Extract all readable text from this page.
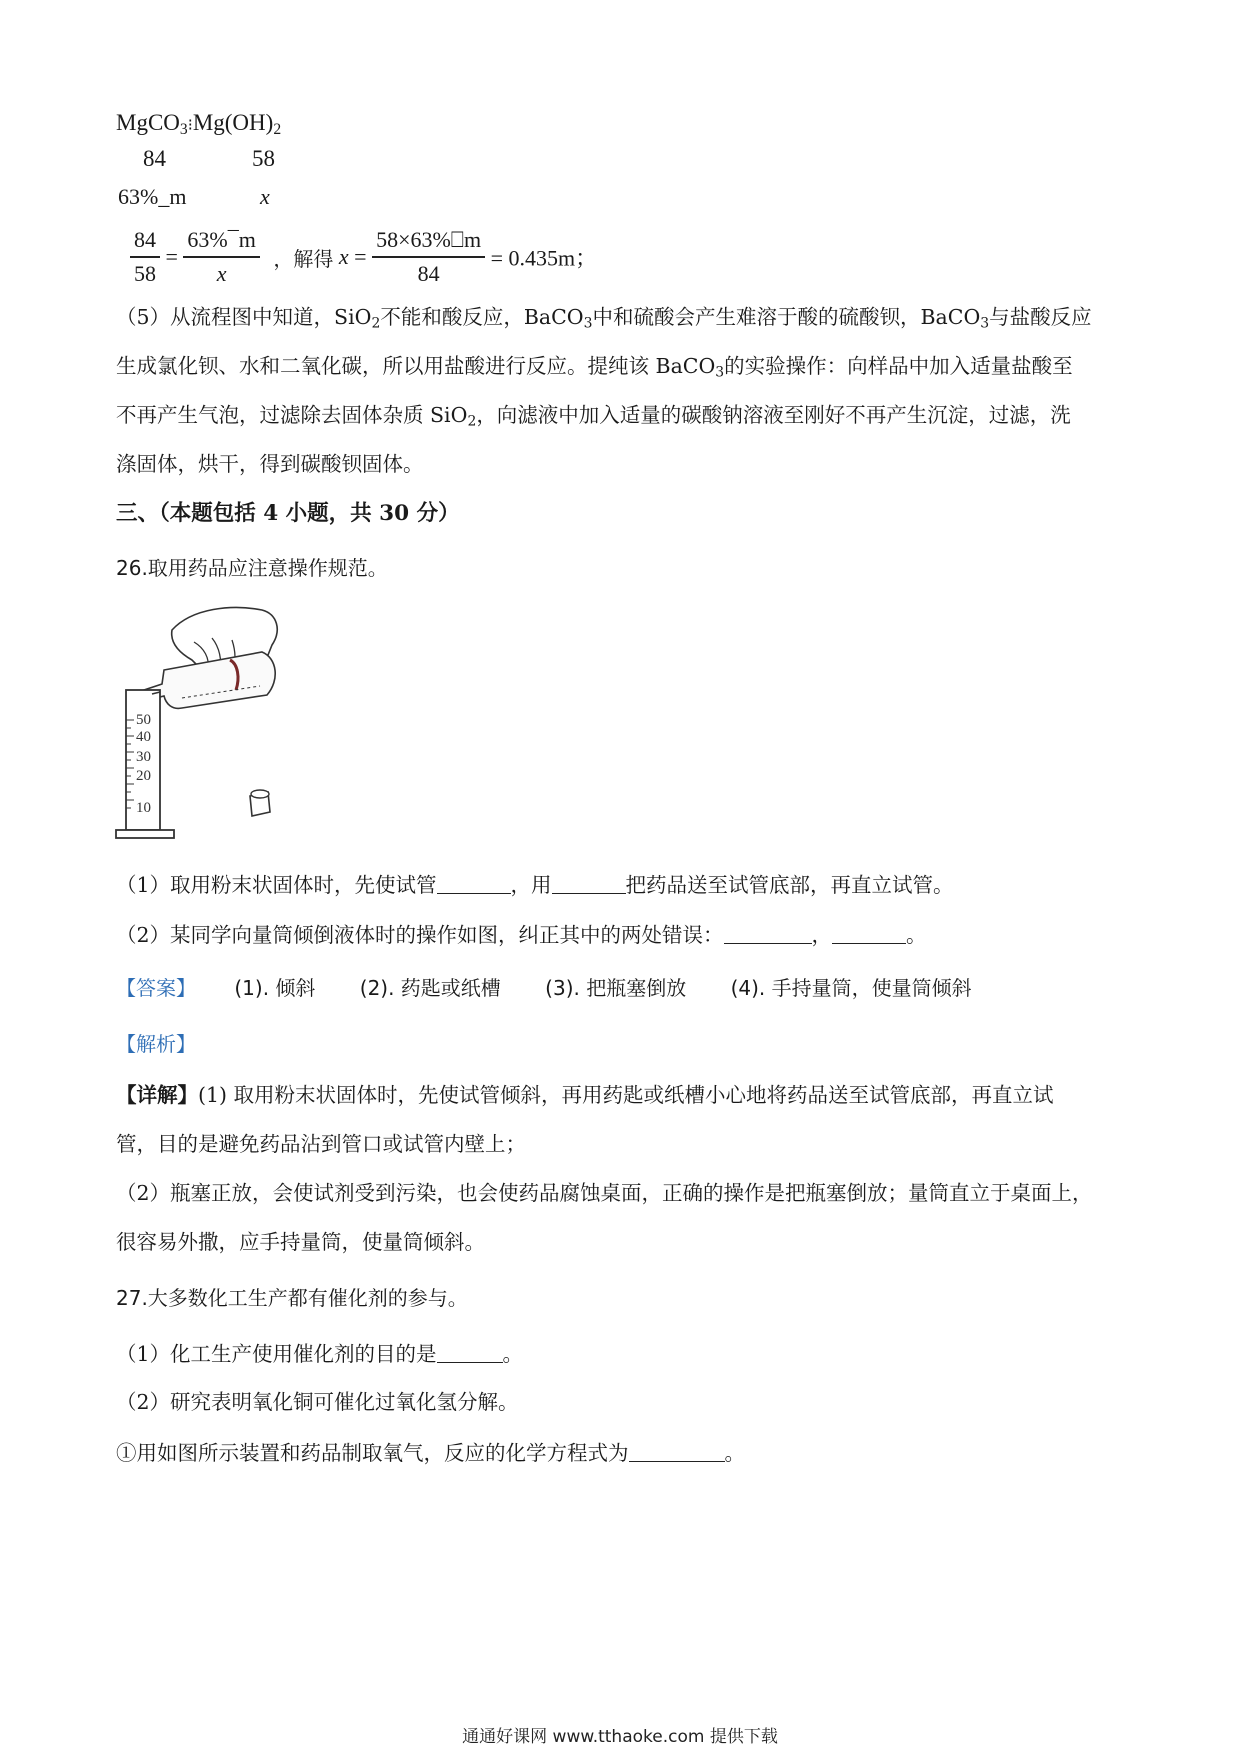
$MgCO_3⁝Mg(OH)_2$
84	58
63%_m	x
$\frac{84}{58} = \frac{63\%¯m}{x}$ ，解得 $x = \frac{58\times 63\%⎕m}{84} = 0.435m$；
（5）从流程图中知道，SiO$_2$不能和酸反应，BaCO$_3$中和硫酸会产生难溶于酸的硫酸钡，BaCO$_3$与盐酸反应
生成氯化钡、水和二氧化碳，所以用盐酸进行反应。提纯该 BaCO$_3$的实验操作：向样品中加入适量盐酸至
不再产生气泡，过滤除去固体杂质 SiO$_2$，向滤液中加入适量的碳酸钠溶液至刚好不再产生沉淀，过滤，洗
涤固体，烘干，得到碳酸钡固体。
三、（本题包括 4 小题，共 30 分）
26.取用药品应注意操作规范。
50
40
30
20
10
（1）取用粉末状固体时，先使试管	，用	把药品送至试管底部，再直立试管。
（2）某同学向量筒倾倒液体时的操作如图，纠正其中的两处错误：	，	。
【答案】 (1). 倾斜 (2). 药匙或纸槽 (3). 把瓶塞倒放 (4). 手持量筒，使量筒倾斜
【解析】
【详解】(1) 取用粉末状固体时，先使试管倾斜，再用药匙或纸槽小心地将药品送至试管底部，再直立试
管，目的是避免药品沾到管口或试管内壁上；
（2）瓶塞正放，会使试剂受到污染，也会使药品腐蚀桌面，正确的操作是把瓶塞倒放；量筒直立于桌面上，
很容易外撒，应手持量筒，使量筒倾斜。
27.大多数化工生产都有催化剂的参与。
（1）化工生产使用催化剂的目的是	。
（2）研究表明氧化铜可催化过氧化氢分解。
①用如图所示装置和药品制取氧气，反应的化学方程式为	。
通通好课网 www.tthaoke.com 提供下载
